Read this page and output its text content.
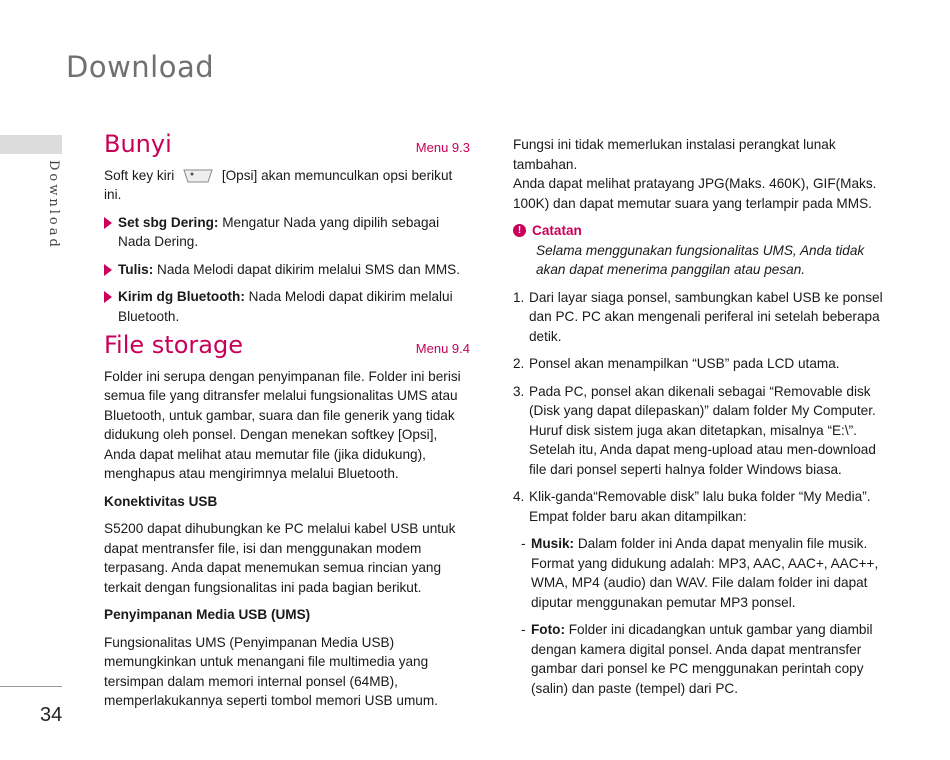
Download
Download
34
Bunyi	Menu 9.3

Soft key kiri	[Opsi] akan memunculkan opsi berikut ini.

Set sbg Dering: Mengatur Nada yang dipilih sebagai Nada Dering.
Tulis: Nada Melodi dapat dikirim melalui SMS dan MMS.
Kirim dg Bluetooth: Nada Melodi dapat dikirim melalui Bluetooth.
File storage	Menu 9.4

Folder ini serupa dengan penyimpanan file. Folder ini berisi semua file yang ditransfer melalui fungsionalitas UMS atau Bluetooth, untuk gambar, suara dan file generik yang tidak didukung oleh ponsel. Dengan menekan softkey [Opsi], Anda dapat melihat atau memutar file (jika didukung), menghapus atau mengirimnya melalui Bluetooth.

Konektivitas USB

S5200 dapat dihubungkan ke PC melalui kabel USB untuk dapat mentransfer file, isi dan menggunakan modem terpasang. Anda dapat menemukan semua rincian yang terkait dengan fungsionalitas ini pada bagian berikut.

Penyimpanan Media USB (UMS)

Fungsionalitas UMS (Penyimpanan Media USB) memungkinkan untuk menangani file multimedia yang tersimpan dalam memori internal ponsel (64MB), memperlakukannya seperti tombol memori USB umum.

Fungsi ini tidak memerlukan instalasi perangkat lunak tambahan.

Anda dapat melihat pratayang JPG(Maks. 460K), GIF(Maks. 100K) dan dapat memutar suara yang terlampir pada MMS.

! Catatan
Selama menggunakan fungsionalitas UMS, Anda tidak akan dapat menerima panggilan atau pesan.
1. Dari layar siaga ponsel, sambungkan kabel USB ke ponsel dan PC. PC akan mengenali periferal ini setelah beberapa detik.
2. Ponsel akan menampilkan “USB” pada LCD utama.
3. Pada PC, ponsel akan dikenali sebagai “Removable disk (Disk yang dapat dilepaskan)” dalam folder My Computer. Huruf disk sistem juga akan ditetapkan, misalnya “E:\”. Setelah itu, Anda dapat meng-upload atau men-download file dari ponsel seperti halnya folder Windows biasa.
4. Klik-ganda“Removable disk” lalu buka folder “My Media”. Empat folder baru akan ditampilkan:
- Musik: Dalam folder ini Anda dapat menyalin file musik. Format yang didukung adalah: MP3, AAC, AAC+, AAC++, WMA, MP4 (audio) dan WAV. File dalam folder ini dapat diputar menggunakan pemutar MP3 ponsel.
- Foto: Folder ini dicadangkan untuk gambar yang diambil dengan kamera digital ponsel. Anda dapat mentransfer gambar dari ponsel ke PC menggunakan perintah copy (salin) dan paste (tempel) dari PC.
